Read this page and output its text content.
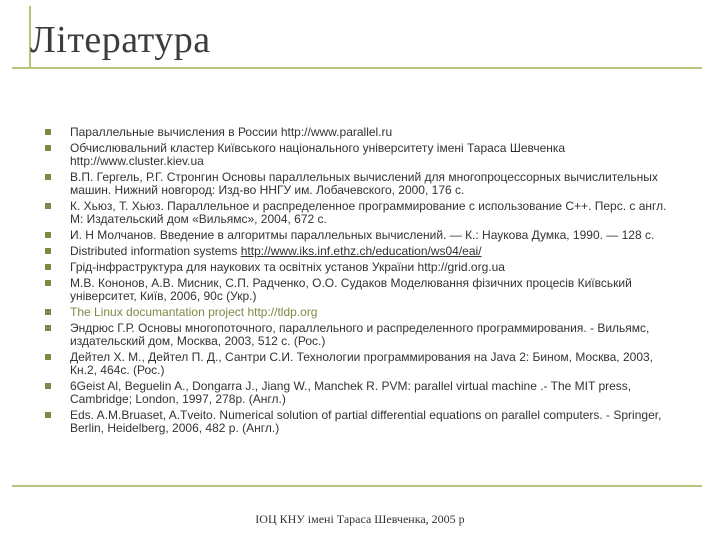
Література
Параллельные вычисления в России http://www.parallel.ru
Обчислювальний кластер Київського національного університету імені Тараса Шевченка http://www.cluster.kiev.ua
В.П. Гергель, Р.Г. Стронгин Основы параллельных вычислений для многопроцессорных вычислительных машин. Нижний новгород: Изд-во ННГУ им. Лобачевского, 2000, 176 с.
К. Хьюз, Т. Хьюз. Параллельное и распределенное программирование с использование С++. Перс. с англ. М: Издательский дом «Вильямс», 2004, 672 с.
И. Н Молчанов. Введение в алгоритмы параллельных вычислений. — К.: Наукова Думка, 1990. — 128 с.
Distributed information systems http://www.iks.inf.ethz.ch/education/ws04/eai/
Грід-інфраструктура для наукових та освітніх установ України http://grid.org.ua
М.В. Кононов, А.В. Мисник, С.П. Радченко, О.О. Судаков Моделювання фізичних процесів Київський університет, Київ, 2006, 90с (Укр.)
The Linux documantation project http://tldp.org
Эндрюс Г.Р. Основы многопоточного, параллельного и распределенного программирования. - Вильямс, издательский дом, Москва, 2003, 512 с. (Рос.)
Дейтел Х. М., Дейтел П. Д., Сантри С.И. Технологии программирования на Java 2: Бином, Москва, 2003, Кн.2, 464с. (Рос.)
6Geist Al, Beguelin A., Dongarra J., Jiang W., Manchek R. PVM: parallel virtual machine .- The MIT press, Cambridge; London, 1997, 278p. (Англ.)
Eds. A.M.Bruaset, A.Tveito. Numerical solution of partial differential equations on parallel computers. - Springer, Berlin, Heidelberg, 2006, 482 p. (Англ.)
ІОЦ КНУ імені Тараса Шевченка, 2005 р
